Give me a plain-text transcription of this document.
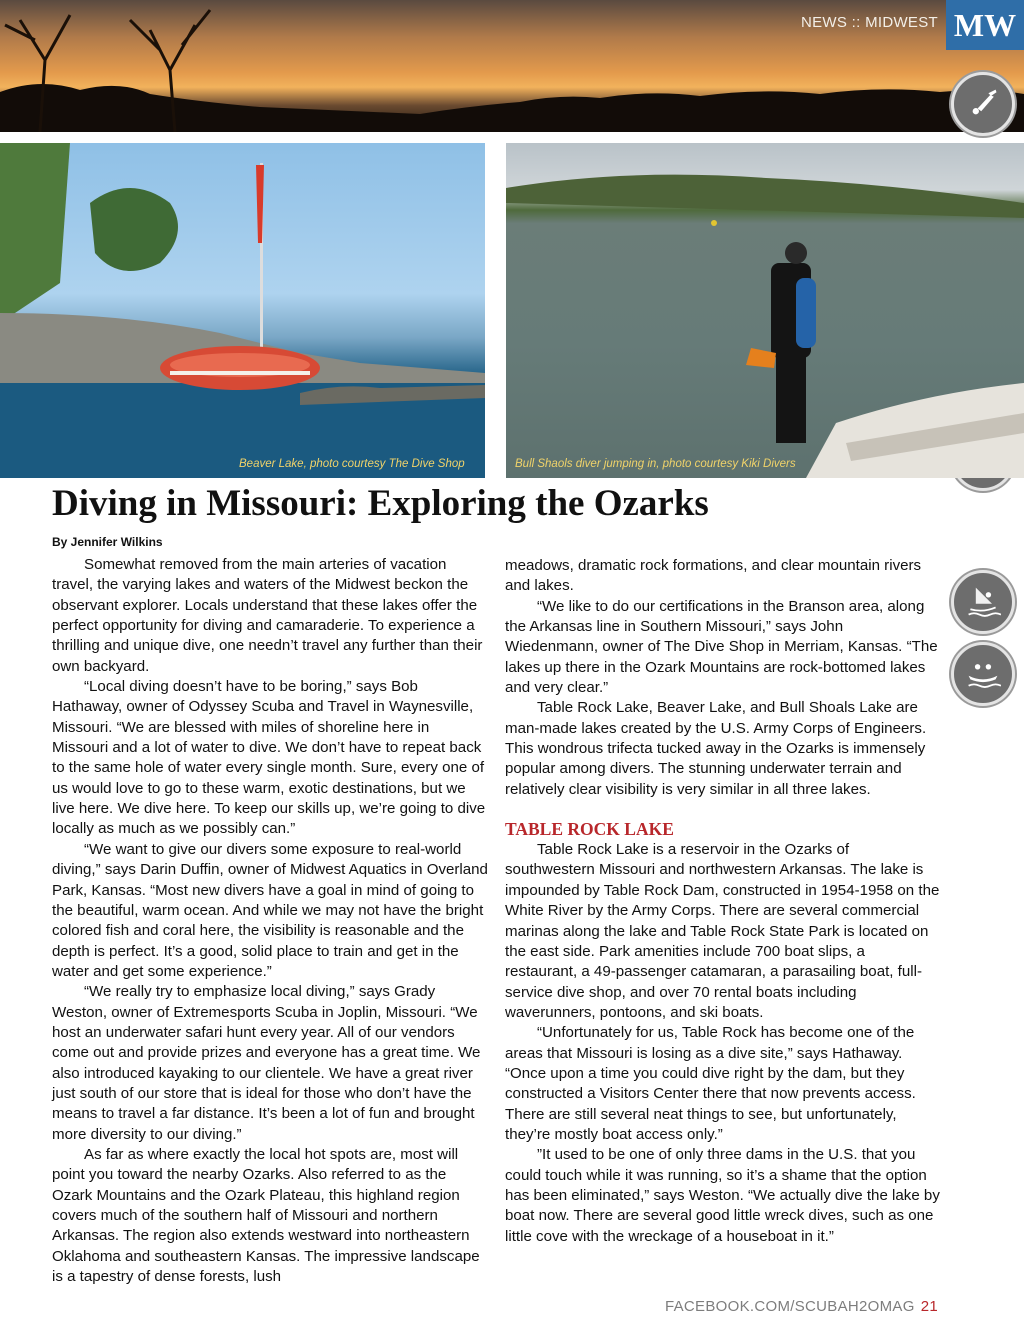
NEWS :: MIDWEST MW
Beaver Lake, photo courtesy The Dive Shop	Bull Shaols diver jumping in, photo courtesy Kiki Divers
Diving in Missouri: Exploring the Ozarks
By Jennifer Wilkins

Somewhat removed from the main arteries of vacation travel, the varying lakes and waters of the Midwest beckon the observant explorer. Locals understand that these lakes offer the perfect opportunity for diving and camaraderie. To experience a thrilling and unique dive, one needn’t travel any further than their own backyard.

“Local diving doesn’t have to be boring,” says Bob Hathaway, owner of Odyssey Scuba and Travel in Waynesville, Missouri. “We are blessed with miles of shoreline here in Missouri and a lot of water to dive. We don’t have to repeat back to the same hole of water every single month. Sure, every one of us would love to go to these warm, exotic destinations, but we live here. We dive here. To keep our skills up, we’re going to dive locally as much as we possibly can.”

“We want to give our divers some exposure to real-world diving,” says Darin Duffin, owner of Midwest Aquatics in Overland Park, Kansas. “Most new divers have a goal in mind of going to the beautiful, warm ocean. And while we may not have the bright colored fish and coral here, the visibility is reasonable and the depth is perfect. It’s a good, solid place to train and get in the water and get some experience.”

“We really try to emphasize local diving,” says Grady Weston, owner of Extremesports Scuba in Joplin, Missouri. “We host an underwater safari hunt every year. All of our vendors come out and provide prizes and everyone has a great time. We also introduced kayaking to our clientele. We have a great river just south of our store that is ideal for those who don’t have the means to travel a far distance. It’s been a lot of fun and brought more diversity to our diving.”

As far as where exactly the local hot spots are, most will point you toward the nearby Ozarks. Also referred to as the Ozark Mountains and the Ozark Plateau, this highland region covers much of the southern half of Missouri and northern Arkansas. The region also extends westward into northeastern Oklahoma and southeastern Kansas. The impressive landscape is a tapestry of dense forests, lush

meadows, dramatic rock formations, and clear mountain rivers and lakes.

“We like to do our certifications in the Branson area, along the Arkansas line in Southern Missouri,” says John Wiedenmann, owner of The Dive Shop in Merriam, Kansas. “The lakes up there in the Ozark Mountains are rock-bottomed lakes and very clear.”

Table Rock Lake, Beaver Lake, and Bull Shoals Lake are man-made lakes created by the U.S. Army Corps of Engineers. This wondrous trifecta tucked away in the Ozarks is immensely popular among divers. The stunning underwater terrain and relatively clear visibility is very similar in all three lakes.

TABLE ROCK LAKE

Table Rock Lake is a reservoir in the Ozarks of southwestern Missouri and northwestern Arkansas. The lake is impounded by Table Rock Dam, constructed in 1954-1958 on the White River by the Army Corps. There are several commercial marinas along the lake and Table Rock State Park is located on the east side. Park amenities include 700 boat slips, a restaurant, a 49-passenger catamaran, a parasailing boat, full-service dive shop, and over 70 rental boats including waverunners, pontoons, and ski boats.

“Unfortunately for us, Table Rock has become one of the areas that Missouri is losing as a dive site,” says Hathaway. “Once upon a time you could dive right by the dam, but they constructed a Visitors Center there that now prevents access. There are still several neat things to see, but unfortunately, they’re mostly boat access only.”

”It used to be one of only three dams in the U.S. that you could touch while it was running, so it’s a shame that the option has been eliminated,” says Weston. “We actually dive the lake by boat now. There are several good little wreck dives, such as one little cove with the wreckage of a houseboat in it.”

FACEBOOK.COM/SCUBAH2OMAG 21
